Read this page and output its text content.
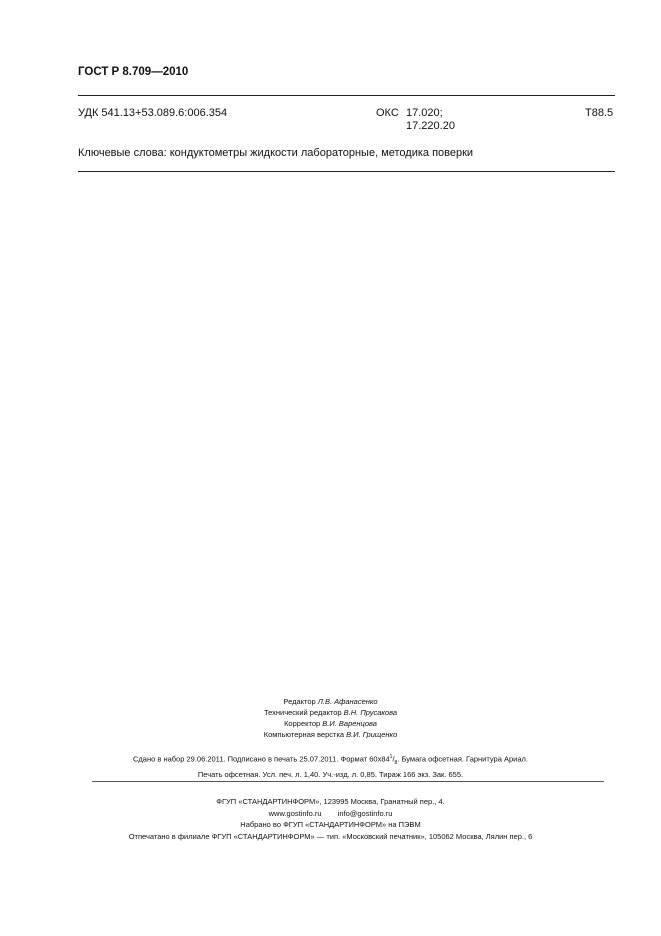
ГОСТ Р 8.709—2010
УДК 541.13+53.089.6:006.354	ОКС 17.020;
17.220.20
Т88.5
Ключевые слова: кондуктометры жидкости лабораторные, методика поверки
Редактор Л.В. Афанасенко
Технический редактор В.Н. Прусакова
Корректор В.И. Варенцова
Компьютерная верстка В.И. Грищенко
Сдано в набор 29.06.2011. Подписано в печать 25.07.2011. Формат $60x84^1/_8$. Бумага офсетная. Гарнитура Ариал.
Печать офсетная. Усл. печ. л. 1,40. Уч.-изд. л. 0,85. Тираж 166 экз. Зак. 655.
ФГУП «СТАНДАРТИНФОРМ», 123995 Москва, Гранатный пер., 4.
www.gostinfo.ru info@gostinfo.ru
Набрано во ФГУП «СТАНДАРТИНФОРМ» на ПЭВМ
Отпечатано в филиале ФГУП «СТАНДАРТИНФОРМ» — тип. «Московский печатник», 105062 Москва, Лялин пер., 6
